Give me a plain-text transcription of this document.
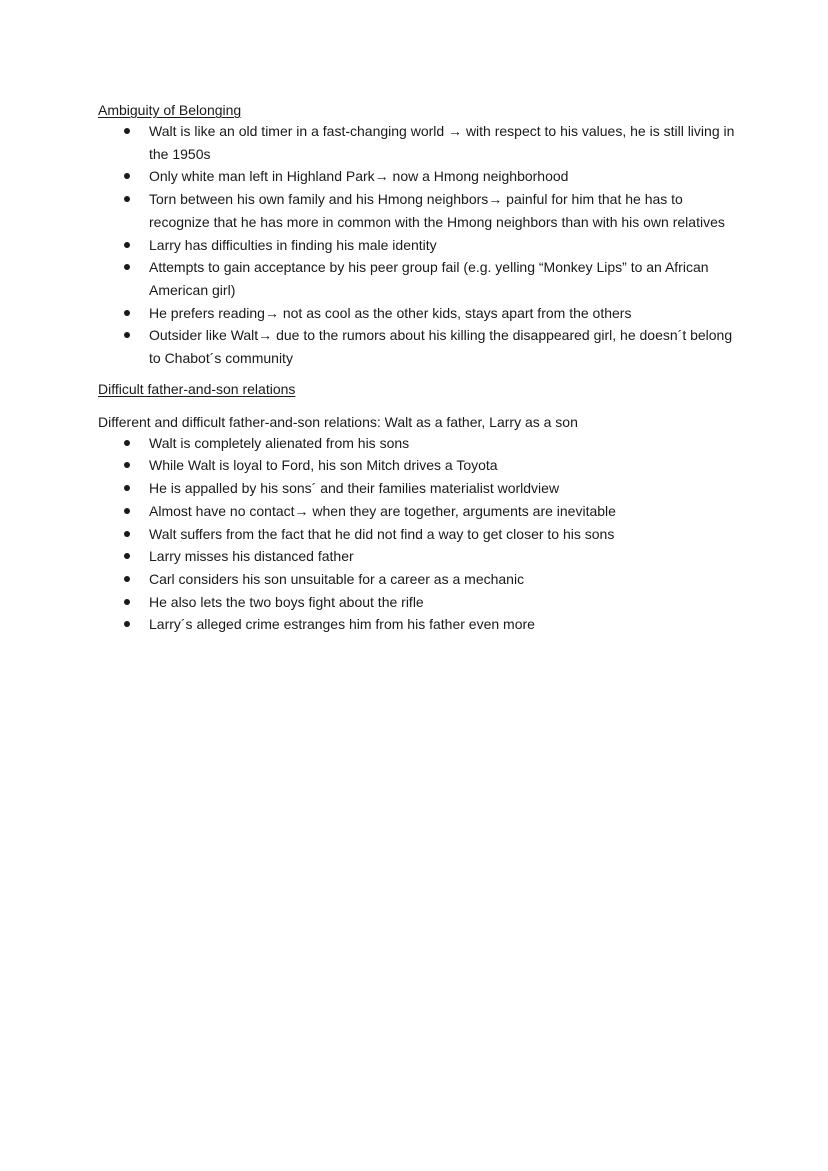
Ambiguity of Belonging

Walt is like an old timer in a fast-changing world → with respect to his values, he is still living in the 1950s
Only white man left in Highland Park→ now a Hmong neighborhood
Torn between his own family and his Hmong neighbors→ painful for him that he has to recognize that he has more in common with the Hmong neighbors than with his own relatives
Larry has difficulties in finding his male identity
Attempts to gain acceptance by his peer group fail (e.g. yelling “Monkey Lips” to an African American girl)
He prefers reading→ not as cool as the other kids, stays apart from the others
Outsider like Walt→ due to the rumors about his killing the disappeared girl, he doesn´t belong to Chabot´s community

Difficult father-and-son relations

Different and difficult father-and-son relations: Walt as a father, Larry as a son

Walt is completely alienated from his sons
While Walt is loyal to Ford, his son Mitch drives a Toyota
He is appalled by his sons´ and their families materialist worldview
Almost have no contact→ when they are together, arguments are inevitable
Walt suffers from the fact that he did not find a way to get closer to his sons
Larry misses his distanced father
Carl considers his son unsuitable for a career as a mechanic
He also lets the two boys fight about the rifle
Larry´s alleged crime estranges him from his father even more
